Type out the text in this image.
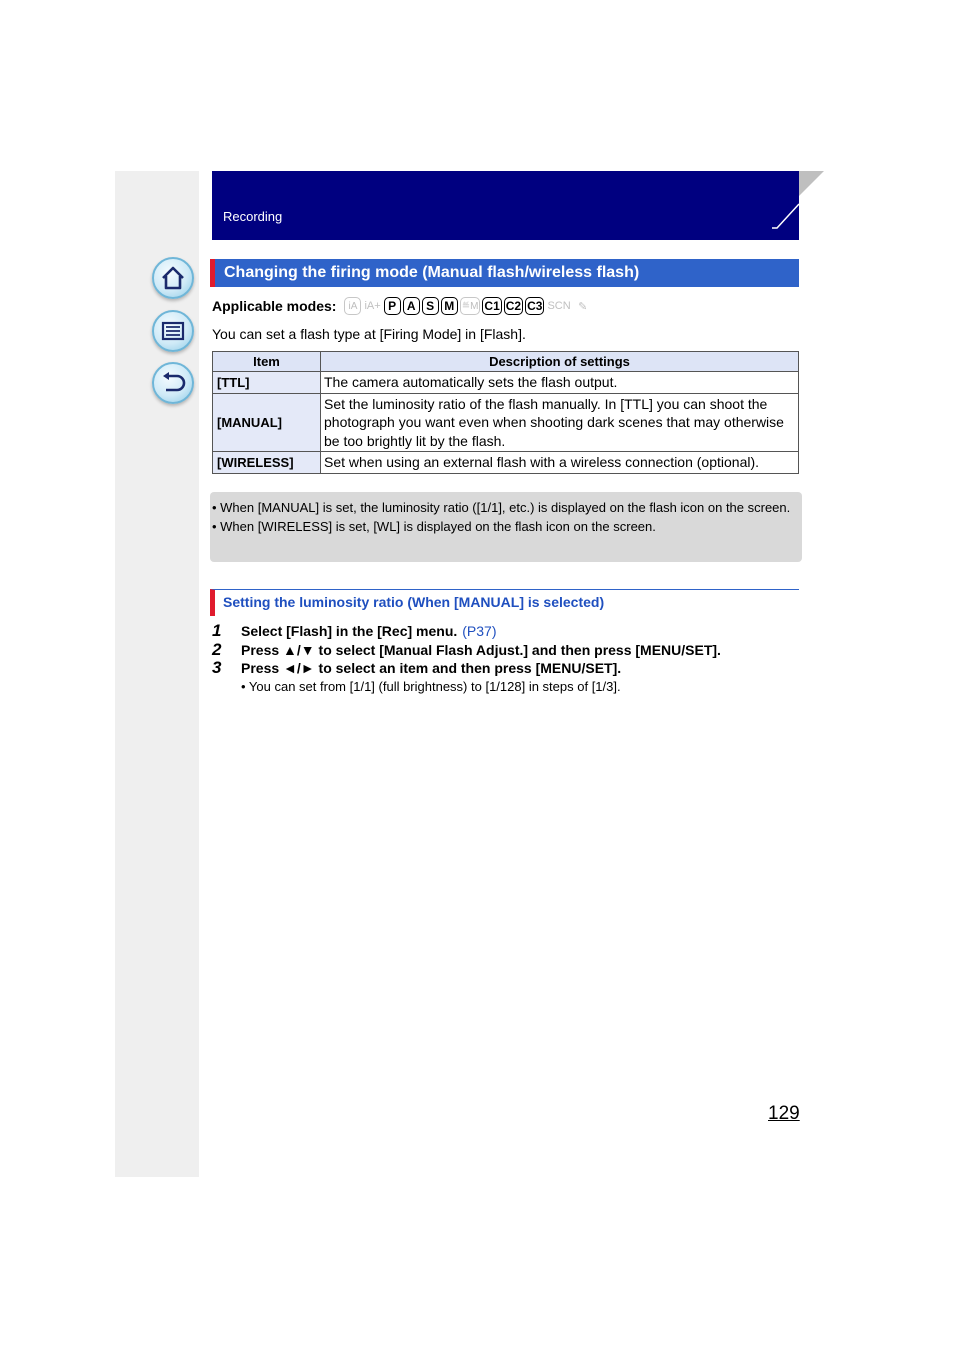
Recording
Changing the firing mode (Manual flash/wireless flash)
Applicable modes:	iA iA+ P A S M ≝M C1 C2 C3 SCN ✎
You can set a flash type at [Firing Mode] in [Flash].
Item	Description of settings
[TTL]	The camera automatically sets the flash output.
[MANUAL]	Set the luminosity ratio of the flash manually. In [TTL] you can shoot the photograph you want even when shooting dark scenes that may otherwise be too brightly lit by the flash.
[WIRELESS]	Set when using an external flash with a wireless connection (optional).
• When [MANUAL] is set, the luminosity ratio ([1/1], etc.) is displayed on the flash icon on the screen.
• When [WIRELESS] is set, [WL] is displayed on the flash icon on the screen.
Setting the luminosity ratio (When [MANUAL] is selected)
1	Select [Flash] in the [Rec] menu. (P37)
2	Press ▲/▼ to select [Manual Flash Adjust.] and then press [MENU/SET].
3	Press ◄/► to select an item and then press [MENU/SET].
• You can set from [1/1] (full brightness) to [1/128] in steps of [1/3].
129
